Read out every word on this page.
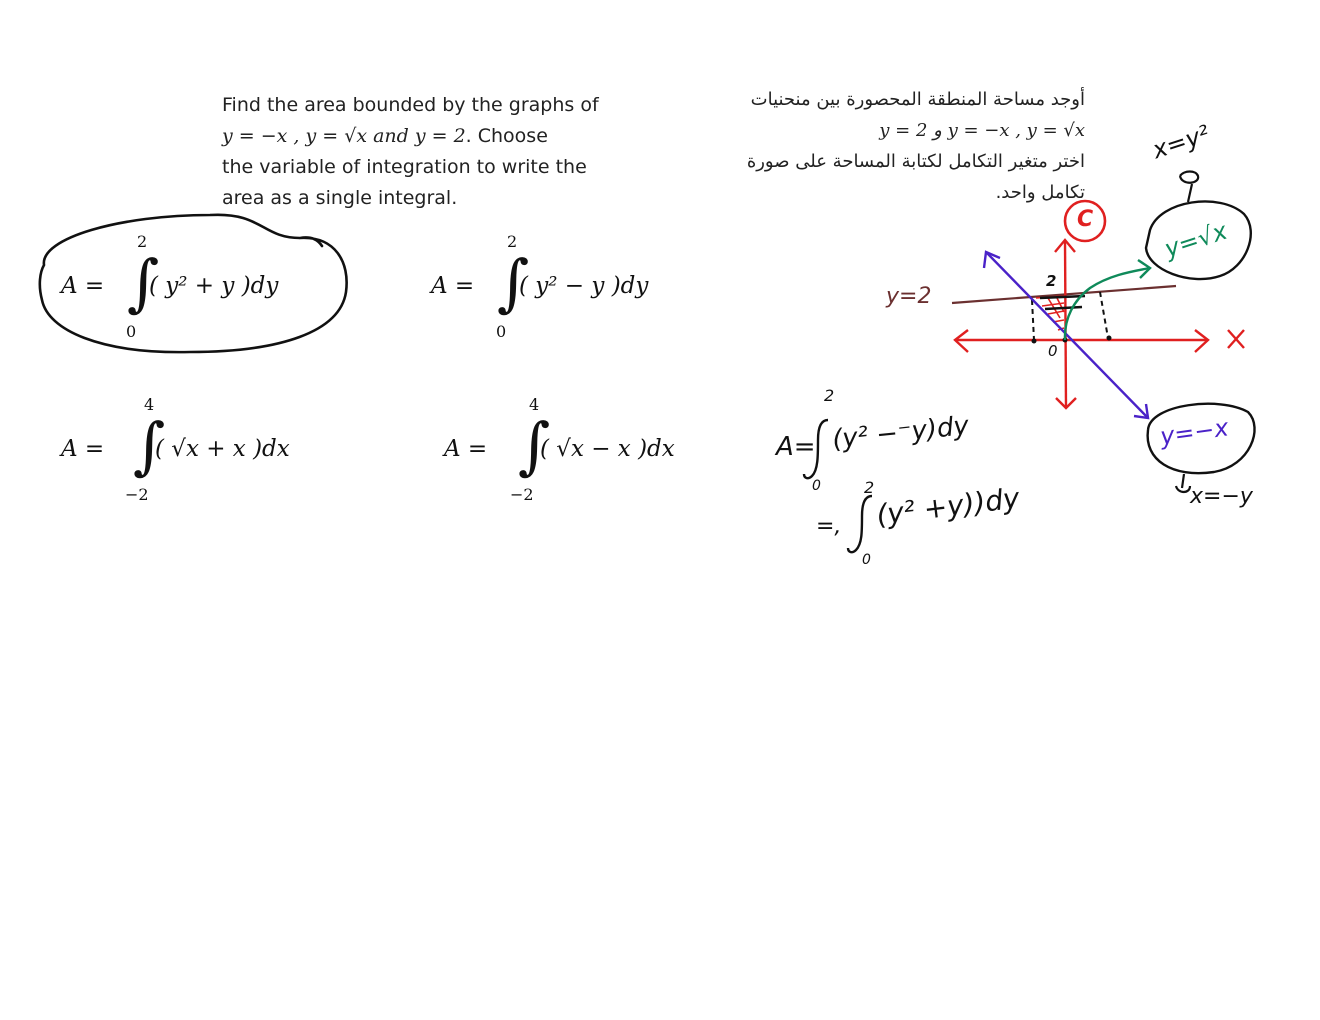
Find the area bounded by the graphs of
y = −x , y = √x and y = 2. Choose
the variable of integration to write the
area as a single integral.
أوجد مساحة المنطقة المحصورة بين منحنيات
y = 2 و y = −x , y = √x
اختر متغير التكامل لكتابة المساحة على صورة
تكامل واحد.
A =
2
∫
0
( y² + y )dy	A =
2
∫
0
( y² − y )dy
A =
4
∫
−2
( √x + x )dx	A =
4
∫
−2
( √x − x )dx
C
y=2
x=y²
y=√x
y=−x
x=−y
2
0
A=
2
0
(y² −⁻y)dy
=,
2
0
(y² +y))dy
